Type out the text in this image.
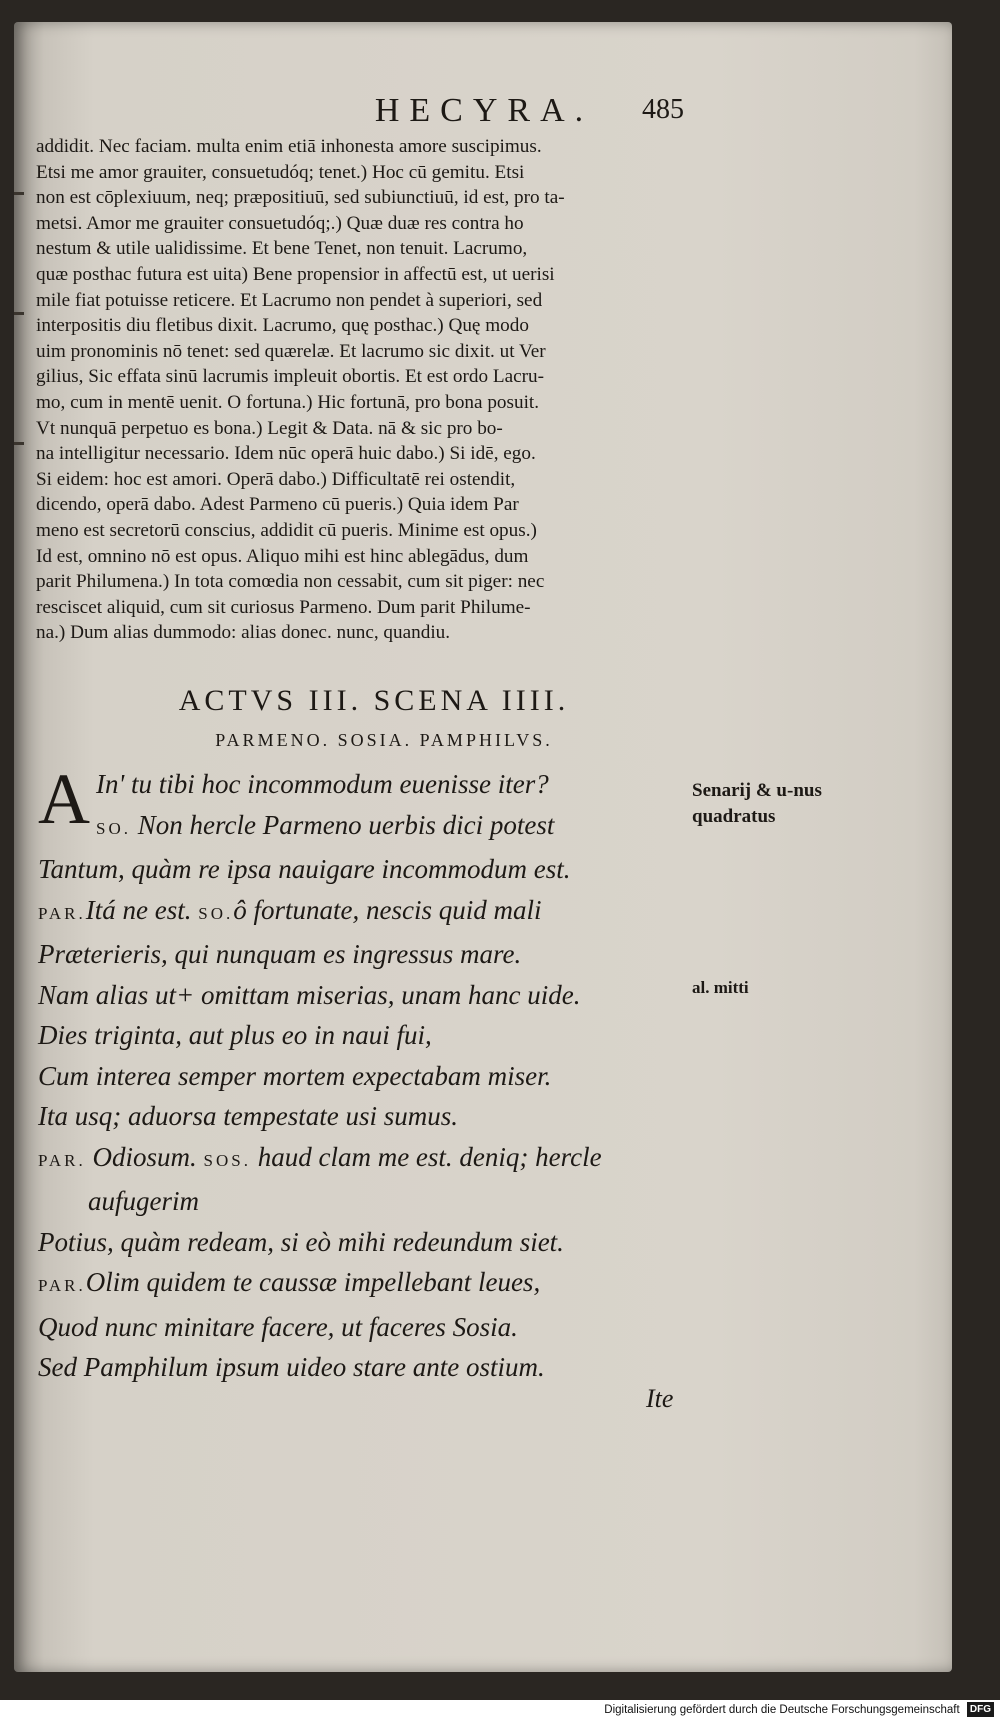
HECYRA.	485
addidit. Nec faciam. multa enim etiā inhonesta amore suscipimus.
Etsi me amor grauiter, consuetudóq; tenet.) Hoc cū gemitu. Etsi
non est cōplexiuum, neq; præpositiuū, sed subiunctiuū, id est, pro ta-
metsi. Amor me grauiter consuetudóq;.) Quæ duæ res contra ho
nestum & utile ualidissime. Et bene Tenet, non tenuit. Lacrumo,
quæ posthac futura est uita) Bene propensior in affectū est, ut uerisi
mile fiat potuisse reticere. Et Lacrumo non pendet à superiori, sed
interpositis diu fletibus dixit. Lacrumo, quę posthac.) Quę modo
uim pronominis nō tenet: sed quærelæ. Et lacrumo sic dixit. ut Ver
gilius, Sic effata sinū lacrumis impleuit obortis. Et est ordo Lacru-
mo, cum in mentē uenit. O fortuna.) Hic fortunā, pro bona posuit.
Vt nunquā perpetuo es bona.) Legit & Data. nā & sic pro bo-
na intelligitur necessario. Idem nūc operā huic dabo.) Si idē, ego.
Si eidem: hoc est amori. Operā dabo.) Difficultatē rei ostendit,
dicendo, operā dabo. Adest Parmeno cū pueris.) Quia idem Par
meno est secretorū conscius, addidit cū pueris. Minime est opus.)
Id est, omnino nō est opus. Aliquo mihi est hinc ablegādus, dum
parit Philumena.) In tota comœdia non cessabit, cum sit piger: nec
resciscet aliquid, cum sit curiosus Parmeno. Dum parit Philume-
na.) Dum alias dummodo: alias donec. nunc, quandiu.
ACTVS III. SCENA IIII.
PARMENO. SOSIA. PAMPHILVS.
A In' tu tibi hoc incommodum euenisse iter?
SO. Non hercle Parmeno uerbis dici potest
Tantum, quàm re ipsa nauigare incommodum est.
PAR.Itá ne est. SO.ô fortunate, nescis quid mali
Præterieris, qui nunquam es ingressus mare.
Nam alias ut+ omittam miserias, unam hanc uide.
Dies triginta, aut plus eo in naui fui,
Cum interea semper mortem expectabam miser.
Ita usq; aduorsa tempestate usi sumus.
PAR. Odiosum. SOS. haud clam me est. deniq; hercle
aufugerim
Potius, quàm redeam, si eò mihi redeundum siet.
PAR.Olim quidem te caussæ impellebant leues,
Quod nunc minitare facere, ut faceres Sosia.
Sed Pamphilum ipsum uideo stare ante ostium.
Senarij & u-nus quadratus
al. mitti
Ite
Digitalisierung gefördert durch die Deutsche Forschungsgemeinschaft DFG
